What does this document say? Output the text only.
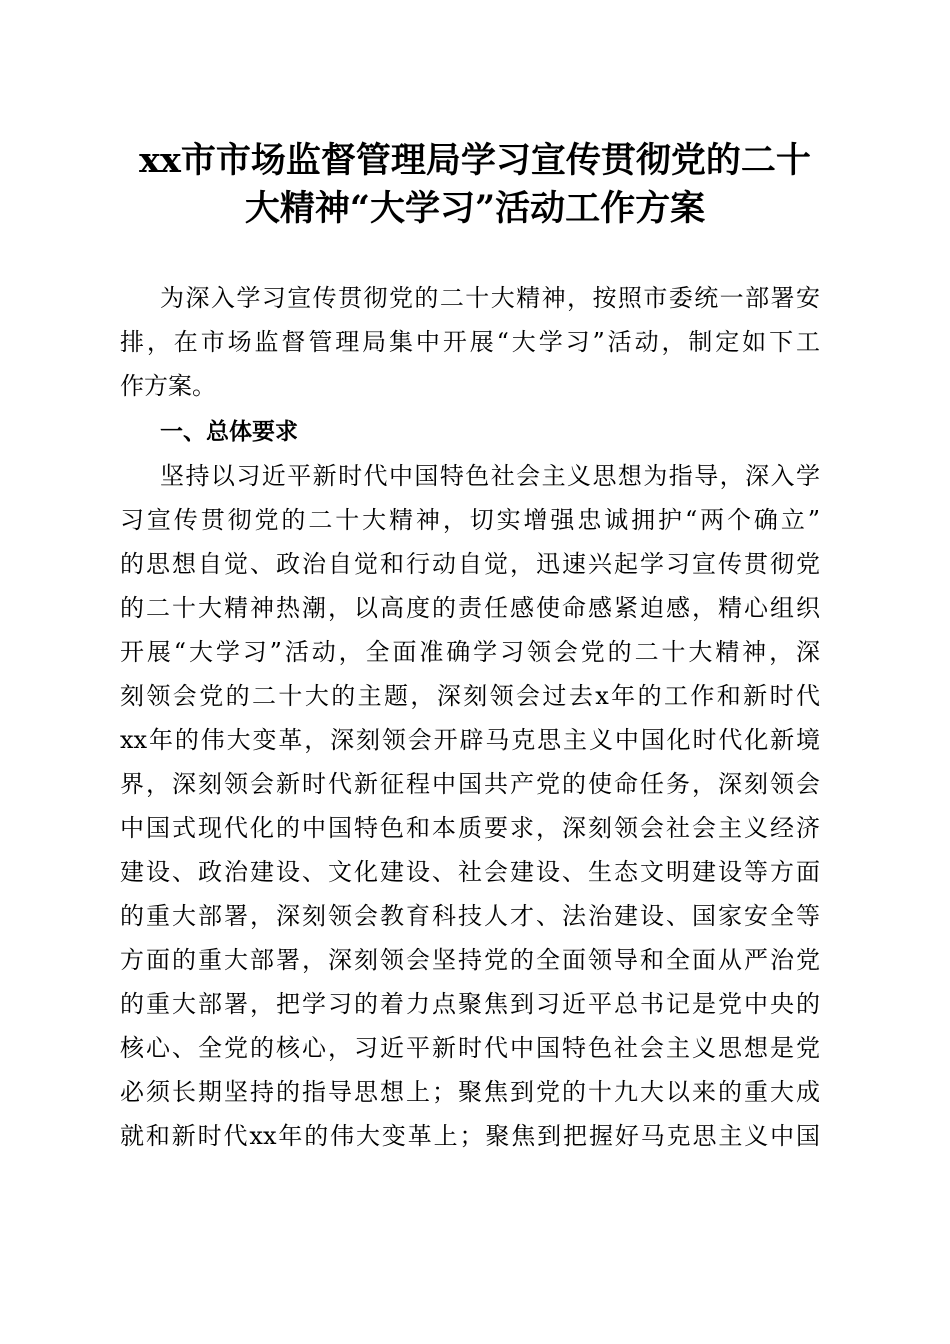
xx市市场监督管理局学习宣传贯彻党的二十
大精神“大学习”活动工作方案
为深入学习宣传贯彻党的二十大精神，按照市委统一部署安
排，在市场监督管理局集中开展“大学习”活动，制定如下工
作方案。
一、总体要求
坚持以习近平新时代中国特色社会主义思想为指导，深入学
习宣传贯彻党的二十大精神，切实增强忠诚拥护“两个确立”
的思想自觉、政治自觉和行动自觉，迅速兴起学习宣传贯彻党
的二十大精神热潮，以高度的责任感使命感紧迫感，精心组织
开展“大学习”活动，全面准确学习领会党的二十大精神，深
刻领会党的二十大的主题，深刻领会过去x年的工作和新时代
xx年的伟大变革，深刻领会开辟马克思主义中国化时代化新境
界，深刻领会新时代新征程中国共产党的使命任务，深刻领会
中国式现代化的中国特色和本质要求，深刻领会社会主义经济
建设、政治建设、文化建设、社会建设、生态文明建设等方面
的重大部署，深刻领会教育科技人才、法治建设、国家安全等
方面的重大部署，深刻领会坚持党的全面领导和全面从严治党
的重大部署，把学习的着力点聚焦到习近平总书记是党中央的
核心、全党的核心，习近平新时代中国特色社会主义思想是党
必须长期坚持的指导思想上；聚焦到党的十九大以来的重大成
就和新时代xx年的伟大变革上；聚焦到把握好马克思主义中国
